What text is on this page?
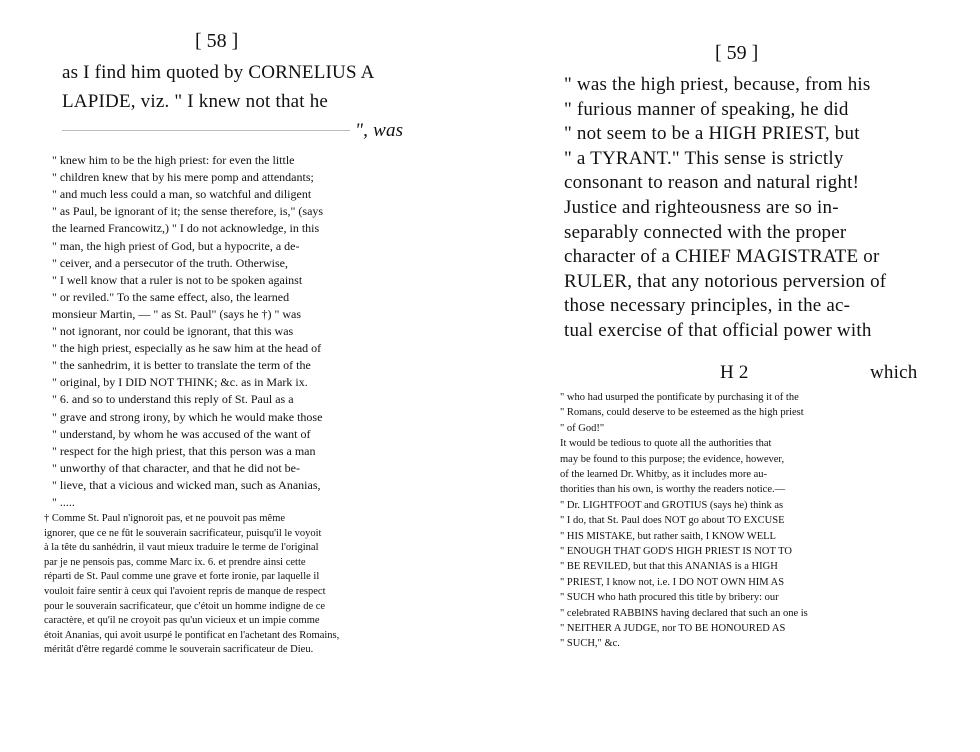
[ 58 ]
as I find him quoted by CORNELIUS A
LAPIDE, viz. " I knew not that he
", was
" knew him to be the high priest: for even the little
" children knew that by his mere pomp and attendants;
" and much less could a man, so watchful and diligent
" as Paul, be ignorant of it; the sense therefore, is," (says
the learned Francowitz,) " I do not acknowledge, in this
" man, the high priest of God, but a hypocrite, a de-
" ceiver, and a persecutor of the truth. Otherwise,
" I well know that a ruler is not to be spoken against
" or reviled." To the same effect, also, the learned
monsieur Martin, — " as St. Paul" (says he †) " was
" not ignorant, nor could be ignorant, that this was
" the high priest, especially as he saw him at the head of
" the sanhedrim, it is better to translate the term of the
" original, by I DID NOT THINK; &c. as in Mark ix.
" 6. and so to understand this reply of St. Paul as a
" grave and strong irony, by which he would make those
" understand, by whom he was accused of the want of
" respect for the high priest, that this person was a man
" unworthy of that character, and that he did not be-
" lieve, that a vicious and wicked man, such as Ananias,
" .....
† Comme St. Paul n'ignoroit pas, et ne pouvoit pas même
ignorer, que ce ne fût le souverain sacrificateur, puisqu'il le voyoit
à la tête du sanhédrin, il vaut mieux traduire le terme de l'original
par je ne pensois pas, comme Marc ix. 6. et prendre ainsi cette
réparti de St. Paul comme une grave et forte ironie, par laquelle il
vouloit faire sentir à ceux qui l'avoient repris de manque de respect
pour le souverain sacrificateur, que c'étoit un homme indigne de ce
caractère, et qu'il ne croyoit pas qu'un vicieux et un impie comme
étoit Ananias, qui avoit usurpé le pontificat en l'achetant des Romains,
méritât d'être regardé comme le souverain sacrificateur de Dieu.
[ 59 ]
" was the high priest, because, from his
" furious manner of speaking, he did
" not seem to be a HIGH PRIEST, but
" a TYRANT." This sense is strictly
consonant to reason and natural right!
Justice and righteousness are so in-
separably connected with the proper
character of a CHIEF MAGISTRATE or
RULER, that any notorious perversion of
those necessary principles, in the ac-
tual exercise of that official power with
H 2	which
" who had usurped the pontificate by purchasing it of the
" Romans, could deserve to be esteemed as the high priest
" of God!"
It would be tedious to quote all the authorities that
may be found to this purpose; the evidence, however,
of the learned Dr. Whitby, as it includes more au-
thorities than his own, is worthy the readers notice.—
" Dr. LIGHTFOOT and GROTIUS (says he) think as
" I do, that St. Paul does NOT go about TO EXCUSE
" HIS MISTAKE, but rather saith, I KNOW WELL
" ENOUGH THAT GOD'S HIGH PRIEST IS NOT TO
" BE REVILED, but that this ANANIAS is a HIGH
" PRIEST, I know not, i.e. I DO NOT OWN HIM AS
" SUCH who hath procured this title by bribery: our
" celebrated RABBINS having declared that such an one is
" NEITHER A JUDGE, nor TO BE HONOURED AS
" SUCH," &c.
